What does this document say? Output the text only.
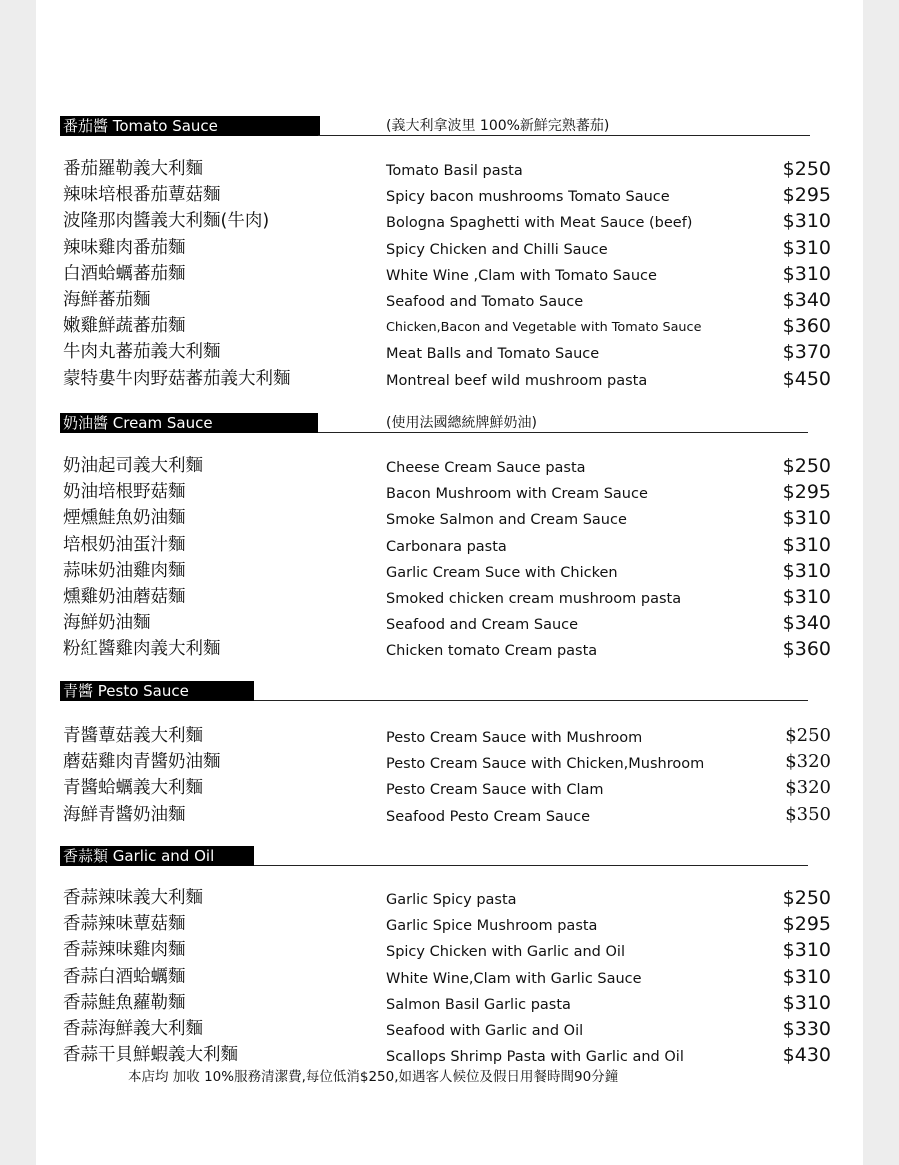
番茄醬 Tomato Sauce	(義大利拿波里 100%新鮮完熟蕃茄)
番茄羅勒義大利麵	Tomato Basil pasta	$250
辣味培根番茄蕈菇麵	Spicy bacon mushrooms Tomato Sauce	$295
波隆那肉醬義大利麵(牛肉)	Bologna Spaghetti with Meat Sauce (beef)	$310
辣味雞肉番茄麵	Spicy Chicken and Chilli Sauce	$310
白酒蛤蠣蕃茄麵	White Wine ,Clam with Tomato Sauce	$310
海鮮蕃茄麵	Seafood and Tomato Sauce	$340
嫩雞鮮蔬蕃茄麵	Chicken,Bacon and Vegetable with Tomato Sauce	$360
牛肉丸蕃茄義大利麵	Meat Balls and Tomato Sauce	$370
蒙特婁牛肉野菇蕃茄義大利麵	Montreal beef wild mushroom pasta	$450
奶油醬 Cream Sauce	(使用法國總統牌鮮奶油)
奶油起司義大利麵	Cheese Cream Sauce pasta	$250
奶油培根野菇麵	Bacon Mushroom with Cream Sauce	$295
煙燻鮭魚奶油麵	Smoke Salmon and Cream Sauce	$310
培根奶油蛋汁麵	Carbonara pasta	$310
蒜味奶油雞肉麵	Garlic Cream Suce with Chicken	$310
燻雞奶油蘑菇麵	Smoked chicken cream mushroom pasta	$310
海鮮奶油麵	Seafood and Cream Sauce	$340
粉紅醬雞肉義大利麵	Chicken tomato Cream pasta	$360
青醬 Pesto Sauce
青醬蕈菇義大利麵	Pesto Cream Sauce with Mushroom	$250
蘑菇雞肉青醬奶油麵	Pesto Cream Sauce with Chicken,Mushroom	$320
青醬蛤蠣義大利麵	Pesto Cream Sauce with Clam	$320
海鮮青醬奶油麵	Seafood Pesto Cream Sauce	$350
香蒜類 Garlic and Oil
香蒜辣味義大利麵	Garlic Spicy pasta	$250
香蒜辣味蕈菇麵	Garlic Spice Mushroom pasta	$295
香蒜辣味雞肉麵	Spicy Chicken with Garlic and Oil	$310
香蒜白酒蛤蠣麵	White Wine,Clam with Garlic Sauce	$310
香蒜鮭魚蘿勒麵	Salmon Basil Garlic pasta	$310
香蒜海鮮義大利麵	Seafood with Garlic and Oil	$330
香蒜干貝鮮蝦義大利麵	Scallops Shrimp Pasta with Garlic and Oil	$430
本店均 加收 10%服務清潔費,每位低消$250,如遇客人候位及假日用餐時間90分鐘
